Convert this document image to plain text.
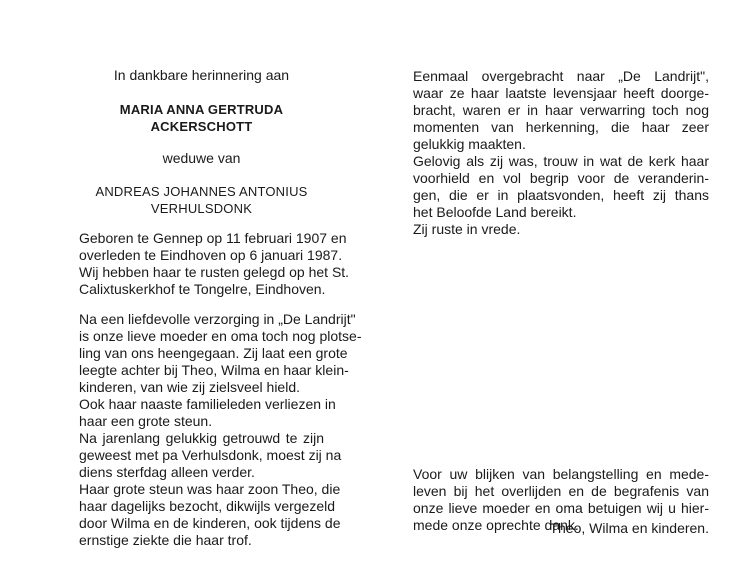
In dankbare herinnering aan
MARIA ANNA GERTRUDA
ACKERSCHOTT
weduwe van
ANDREAS JOHANNES ANTONIUS
VERHULSDONK
Geboren te Gennep op 11 februari 1907 en
overleden te Eindhoven op 6 januari 1987.
Wij hebben haar te rusten gelegd op het St.
Calixtuskerkhof te Tongelre, Eindhoven.
Na een liefdevolle verzorging in „De Landrijt"
is onze lieve moeder en oma toch nog plotse-
ling van ons heengegaan. Zij laat een grote
leegte achter bij Theo, Wilma en haar klein-
kinderen, van wie zij zielsveel hield.
Ook haar naaste familieleden verliezen in
haar een grote steun.
Na jarenlang gelukkig getrouwd te zijn
geweest met pa Verhulsdonk, moest zij na
diens sterfdag alleen verder.
Haar grote steun was haar zoon Theo, die
haar dagelijks bezocht, dikwijls vergezeld
door Wilma en de kinderen, ook tijdens de
ernstige ziekte die haar trof.
Eenmaal overgebracht naar „De Landrijt",
waar ze haar laatste levensjaar heeft doorge-
bracht, waren er in haar verwarring toch nog
momenten van herkenning, die haar zeer
gelukkig maakten.
Gelovig als zij was, trouw in wat de kerk haar
voorhield en vol begrip voor de veranderin-
gen, die er in plaatsvonden, heeft zij thans
het Beloofde Land bereikt.
Zij ruste in vrede.
Voor uw blijken van belangstelling en mede-
leven bij het overlijden en de begrafenis van
onze lieve moeder en oma betuigen wij u hier-
mede onze oprechte dank.
Theo, Wilma en kinderen.
